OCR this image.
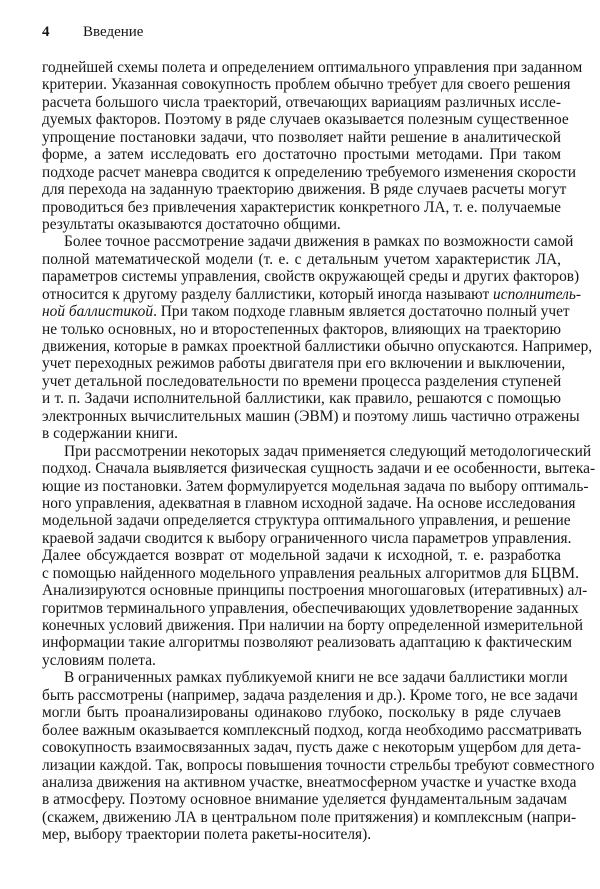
4 Введение
годнейшей схемы полета и определением оптимального управления при заданном
критерии. Указанная совокупность проблем обычно требует для своего решения
расчета большого числа траекторий, отвечающих вариациям различных иссле-
дуемых факторов. Поэтому в ряде случаев оказывается полезным существенное
упрощение постановки задачи, что позволяет найти решение в аналитической
форме, а затем исследовать его достаточно простыми методами. При таком
подходе расчет маневра сводится к определению требуемого изменения скорости
для перехода на заданную траекторию движения. В ряде случаев расчеты могут
проводиться без привлечения характеристик конкретного ЛА, т. е. получаемые
результаты оказываются достаточно общими.
Более точное рассмотрение задачи движения в рамках по возможности самой
полной математической модели (т. е. с детальным учетом характеристик ЛА,
параметров системы управления, свойств окружающей среды и других факторов)
относится к другому разделу баллистики, который иногда называют исполнитель-
ной баллистикой. При таком подходе главным является достаточно полный учет
не только основных, но и второстепенных факторов, влияющих на траекторию
движения, которые в рамках проектной баллистики обычно опускаются. Например,
учет переходных режимов работы двигателя при его включении и выключении,
учет детальной последовательности по времени процесса разделения ступеней
и т. п. Задачи исполнительной баллистики, как правило, решаются с помощью
электронных вычислительных машин (ЭВМ) и поэтому лишь частично отражены
в содержании книги.
При рассмотрении некоторых задач применяется следующий методологический
подход. Сначала выявляется физическая сущность задачи и ее особенности, вытека-
ющие из постановки. Затем формулируется модельная задача по выбору оптималь-
ного управления, адекватная в главном исходной задаче. На основе исследования
модельной задачи определяется структура оптимального управления, и решение
краевой задачи сводится к выбору ограниченного числа параметров управления.
Далее обсуждается возврат от модельной задачи к исходной, т. е. разработка
с помощью найденного модельного управления реальных алгоритмов для БЦВМ.
Анализируются основные принципы построения многошаговых (итеративных) ал-
горитмов терминального управления, обеспечивающих удовлетворение заданных
конечных условий движения. При наличии на борту определенной измерительной
информации такие алгоритмы позволяют реализовать адаптацию к фактическим
условиям полета.
В ограниченных рамках публикуемой книги не все задачи баллистики могли
быть рассмотрены (например, задача разделения и др.). Кроме того, не все задачи
могли быть проанализированы одинаково глубоко, поскольку в ряде случаев
более важным оказывается комплексный подход, когда необходимо рассматривать
совокупность взаимосвязанных задач, пусть даже с некоторым ущербом для дета-
лизации каждой. Так, вопросы повышения точности стрельбы требуют совместного
анализа движения на активном участке, внеатмосферном участке и участке входа
в атмосферу. Поэтому основное внимание уделяется фундаментальным задачам
(скажем, движению ЛА в центральном поле притяжения) и комплексным (напри-
мер, выбору траектории полета ракеты-носителя).
